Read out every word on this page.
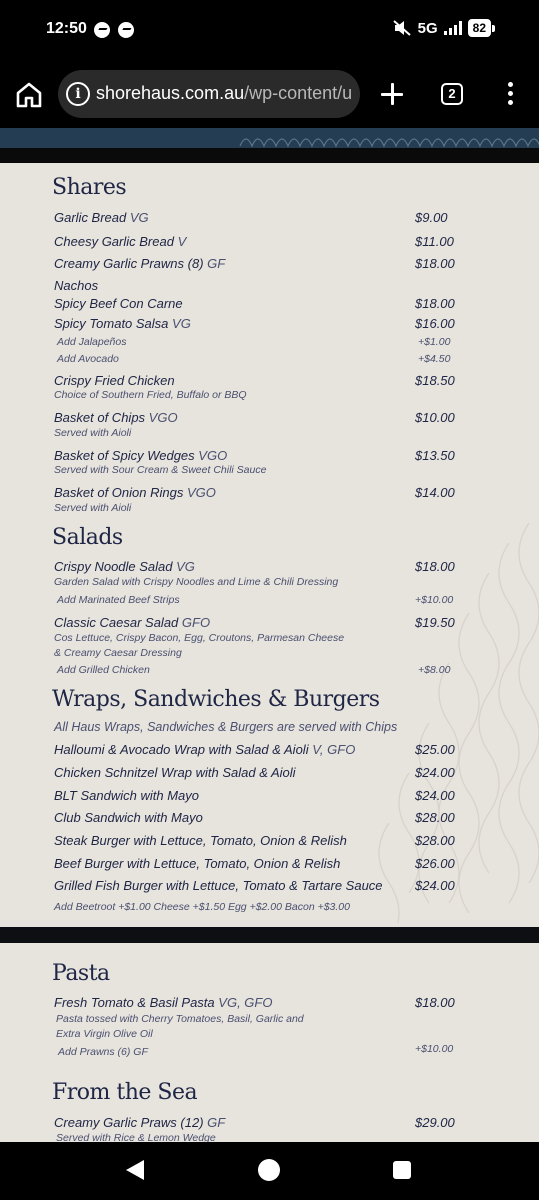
12:50	5G	82
i shorehaus.com.au/wp-content/u	2
Shares
Garlic Bread VG	$9.00
Cheesy Garlic Bread V	$11.00
Creamy Garlic Prawns (8) GF	$18.00
Nachos
Spicy Beef Con Carne	$18.00
Spicy Tomato Salsa VG	$16.00
Add Jalapeños	+$1.00
Add Avocado	+$4.50
Crispy Fried Chicken	$18.50
Choice of Southern Fried, Buffalo or BBQ
Basket of Chips VGO	$10.00
Served with Aioli
Basket of Spicy Wedges VGO	$13.50
Served with Sour Cream & Sweet Chili Sauce
Basket of Onion Rings VGO	$14.00
Served with Aioli
Salads
Crispy Noodle Salad VG	$18.00
Garden Salad with Crispy Noodles and Lime & Chili Dressing
Add Marinated Beef Strips	+$10.00
Classic Caesar Salad GFO	$19.50
Cos Lettuce, Crispy Bacon, Egg, Croutons, Parmesan Cheese
& Creamy Caesar Dressing
Add Grilled Chicken	+$8.00
Wraps, Sandwiches & Burgers
All Haus Wraps, Sandwiches & Burgers are served with Chips
Halloumi & Avocado Wrap with Salad & Aioli V, GFO	$25.00
Chicken Schnitzel Wrap with Salad & Aioli	$24.00
BLT Sandwich with Mayo	$24.00
Club Sandwich with Mayo	$28.00
Steak Burger with Lettuce, Tomato, Onion & Relish	$28.00
Beef Burger with Lettuce, Tomato, Onion & Relish	$26.00
Grilled Fish Burger with Lettuce, Tomato & Tartare Sauce $24.00
Add Beetroot +$1.00 Cheese +$1.50 Egg +$2.00 Bacon +$3.00
Pasta
Fresh Tomato & Basil Pasta VG, GFO	$18.00
Pasta tossed with Cherry Tomatoes, Basil, Garlic and
Extra Virgin Olive Oil
Add Prawns (6) GF	+$10.00
From the Sea
Creamy Garlic Praws (12) GF	$29.00
Served with Rice & Lemon Wedge
